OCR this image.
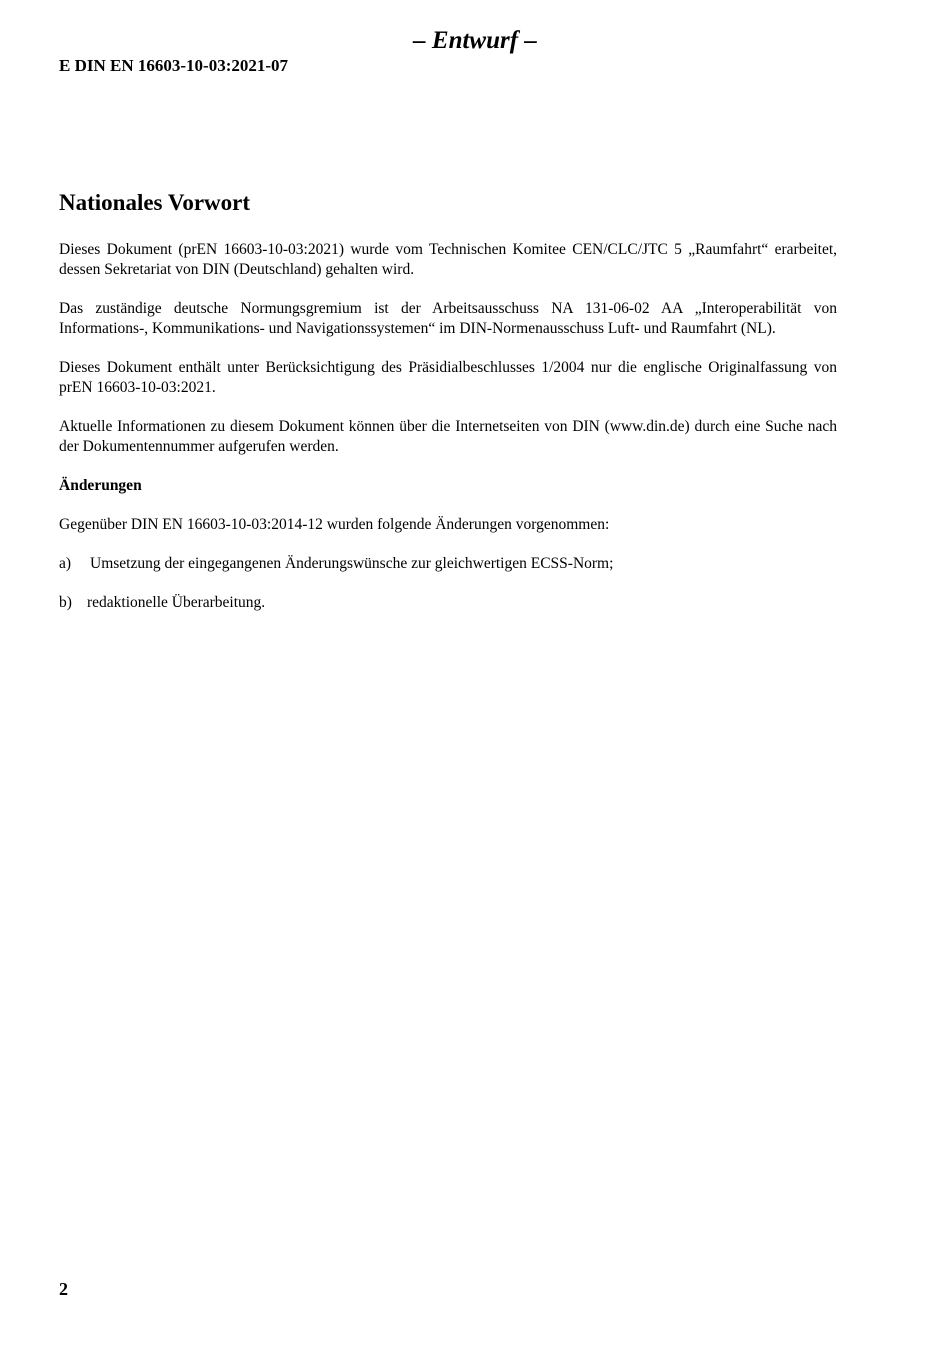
– Entwurf –
E DIN EN 16603-10-03:2021-07
Nationales Vorwort

Dieses Dokument (prEN 16603-10-03:2021) wurde vom Technischen Komitee CEN/CLC/JTC 5 „Raumfahrt“ erarbeitet, dessen Sekretariat von DIN (Deutschland) gehalten wird.

Das zuständige deutsche Normungsgremium ist der Arbeitsausschuss NA 131-06-02 AA „Interoperabilität von Informations-, Kommunikations- und Navigationssystemen“ im DIN-Normenausschuss Luft- und Raumfahrt (NL).

Dieses Dokument enthält unter Berücksichtigung des Präsidialbeschlusses 1/2004 nur die englische Originalfassung von prEN 16603-10-03:2021.

Aktuelle Informationen zu diesem Dokument können über die Internetseiten von DIN (www.din.de) durch eine Suche nach der Dokumentennummer aufgerufen werden.

Änderungen

Gegenüber DIN EN 16603-10-03:2014-12 wurden folgende Änderungen vorgenommen:

a)	Umsetzung der eingegangenen Änderungswünsche zur gleichwertigen ECSS-Norm;
b) redaktionelle Überarbeitung.
2
